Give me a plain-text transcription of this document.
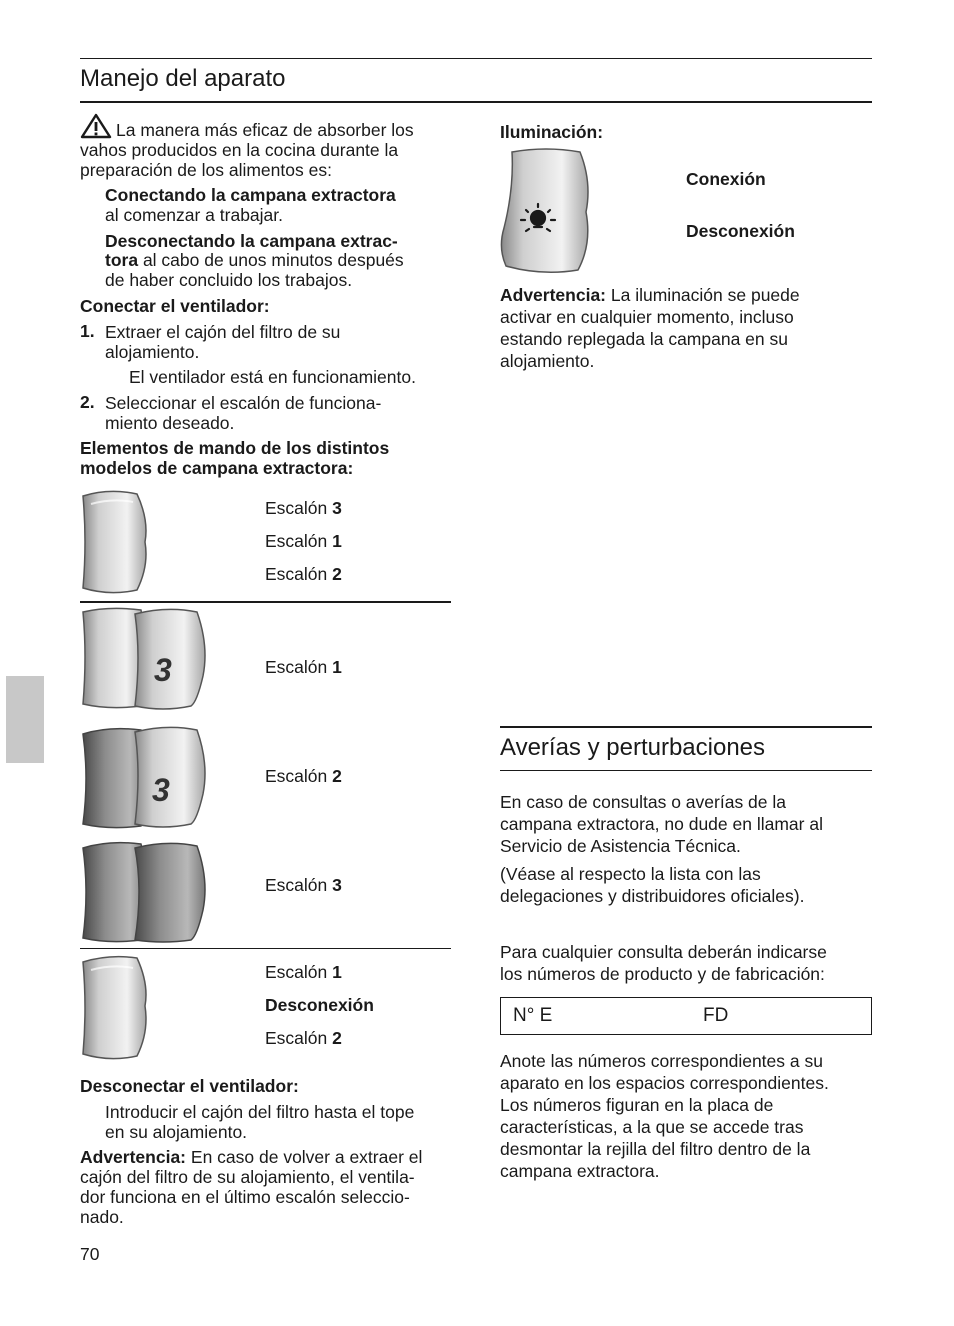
Manejo del aparato
La manera más eficaz de absorber los vahos producidos en la cocina durante la preparación de los alimentos es:
Conectando la campana extractora
al comenzar a trabajar.
Desconectando la campana extrac-
tora al cabo de unos minutos después
de haber concluido los trabajos.
Conectar el ventilador:
1. Extraer el cajón del filtro de su
alojamiento.
El ventilador está en funcionamiento.
2. Seleccionar el escalón de funciona-
miento deseado.
Elementos de mando de los distintos
modelos de campana extractora:
Escalón 3
Escalón 1
Escalón 2
3	Escalón 1
3	Escalón 2
Escalón 3
Escalón 1
Desconexión
Escalón 2
Desconectar el ventilador:
Introducir el cajón del filtro hasta el tope
en su alojamiento.
Advertencia: En caso de volver a extraer el
cajón del filtro de su alojamiento, el ventila-
dor funciona en el último escalón seleccio-
nado.
70
Iluminación:
Conexión
Desconexión
Advertencia: La iluminación se puede
activar en cualquier momento, incluso
estando replegada la campana en su
alojamiento.
Averías y perturbaciones
En caso de consultas o averías de la
campana extractora, no dude en llamar al
Servicio de Asistencia Técnica.
(Véase al respecto la lista con las
delegaciones y distribuidores oficiales).
Para cualquier consulta deberán indicarse
los números de producto y de fabricación:
N° E	FD
Anote las números correspondientes a su
aparato en los espacios correspondientes.
Los números figuran en la placa de
características, a la que se accede tras
desmontar la rejilla del filtro dentro de la
campana extractora.
